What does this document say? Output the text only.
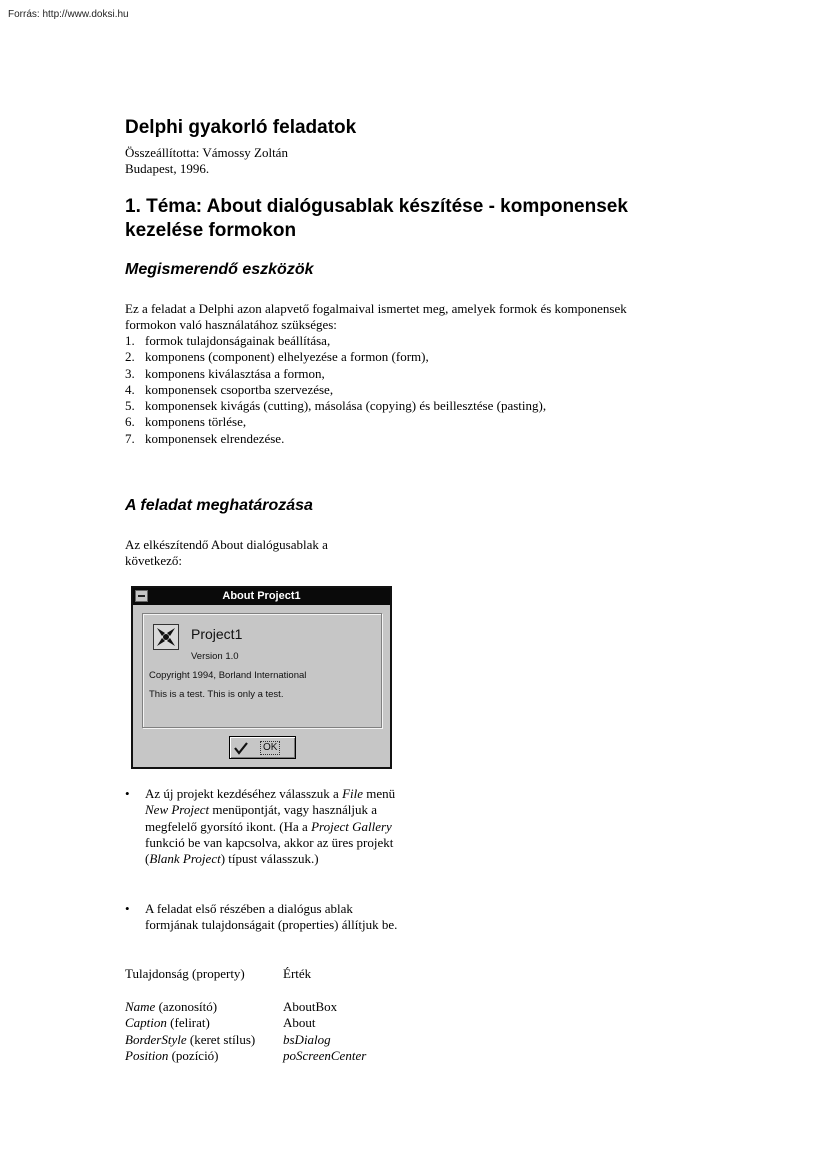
Forrás: http://www.doksi.hu
Delphi gyakorló feladatok
Összeállította: Vámossy Zoltán
Budapest, 1996.
1. Téma: About dialógusablak készítése - komponensek kezelése formokon
Megismerendő eszközök
Ez a feladat a Delphi azon alapvető fogalmaival ismertet meg, amelyek formok és komponensek formokon való használatához szükséges:
1. formok tulajdonságainak beállítása,
2. komponens (component) elhelyezése a formon (form),
3. komponens kiválasztása a formon,
4. komponensek csoportba szervezése,
5. komponensek kivágás (cutting), másolása (copying) és beillesztése (pasting),
6. komponens törlése,
7. komponensek elrendezése.
A feladat meghatározása
Az elkészítendő About dialógusablak a
következő:
• Az új projekt kezdéséhez válasszuk a File menü New Project menüpontját, vagy használjuk a megfelelő gyorsító ikont. (Ha a Project Gallery funkció be van kapcsolva, akkor az üres projekt (Blank Project) típust válasszuk.)
• A feladat első részében a dialógus ablak formjának tulajdonságait (properties) állítjuk be.
Tulajdonság (property)	Érték
Name (azonosító)	AboutBox
Caption (felirat)	About
BorderStyle (keret stílus)	bsDialog
Position (pozíció)	poScreenCenter
About Project1
Project1
Version 1.0
Copyright 1994, Borland International
This is a test. This is only a test.
OK
